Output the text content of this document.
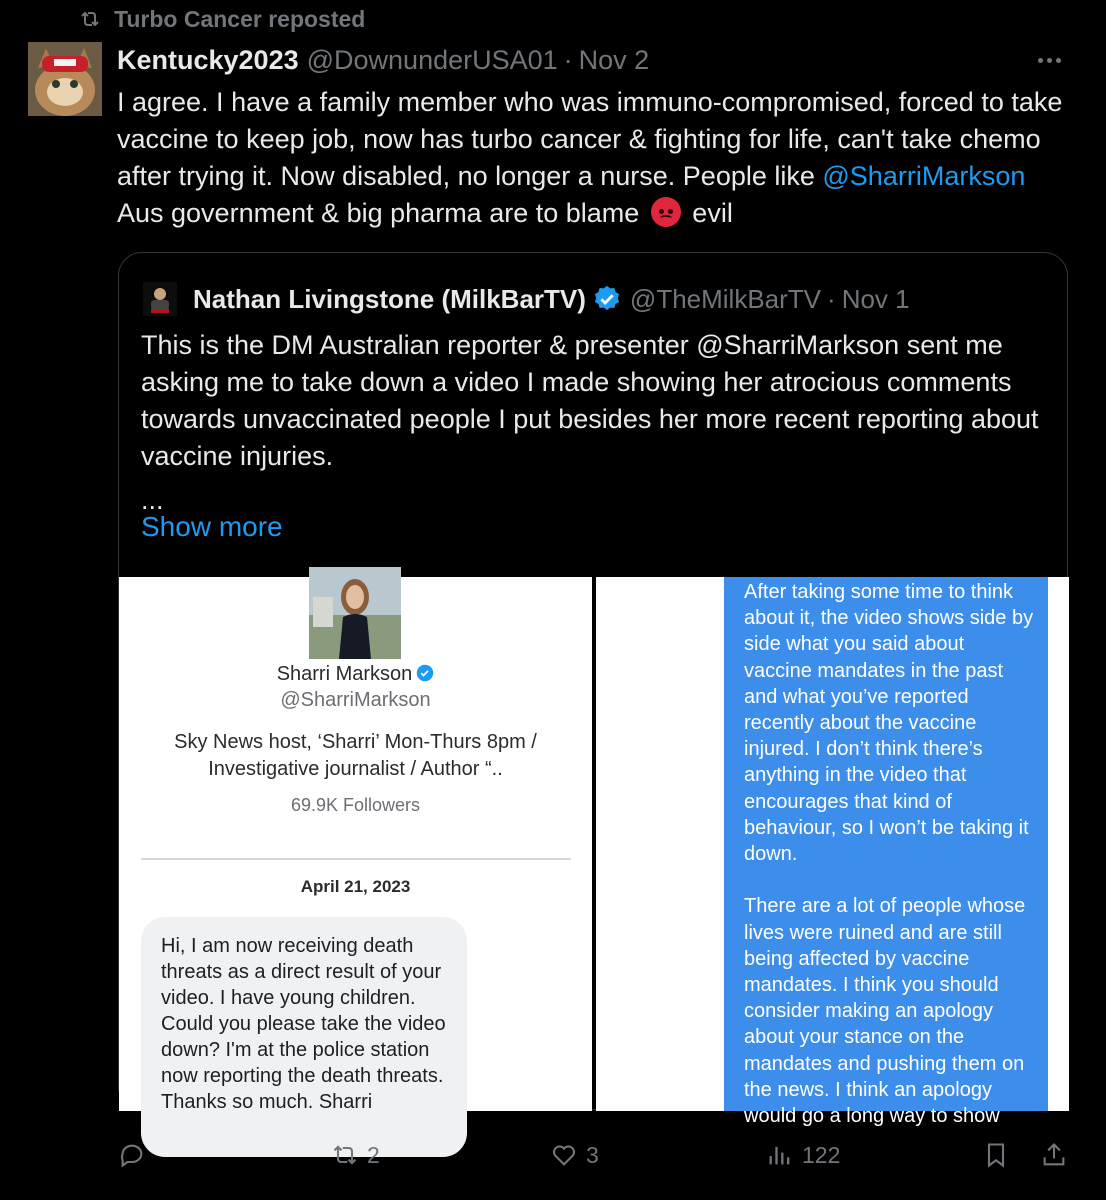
Turbo Cancer reposted
Kentucky2023 @DownunderUSA01 · Nov 2
I agree. I have a family member who was immuno-compromised, forced to take vaccine to keep job, now has turbo cancer & fighting for life, can't take chemo after trying it. Now disabled, no longer a nurse. People like @SharriMarkson Aus government & big pharma are to blame
evil
Nathan Livingstone (MilkBarTV) @TheMilkBarTV · Nov 1
This is the DM Australian reporter & presenter @SharriMarkson sent me asking me to take down a video I made showing her atrocious comments towards unvaccinated people I put besides her more recent reporting about vaccine injuries.
...
Show more
Sharri Markson
@SharriMarkson
Sky News host, ‘Sharri’ Mon-Thurs 8pm / Investigative journalist / Author “..
69.9K Followers
April 21, 2023
Hi, I am now receiving death threats as a direct result of your video. I have young children. Could you please take the video down? I'm at the police station now reporting the death threats. Thanks so much. Sharri
After taking some time to think about it, the video shows side by side what you said about vaccine mandates in the past and what you’ve reported recently about the vaccine injured. I don’t think there’s anything in the video that encourages that kind of behaviour, so I won’t be taking it down.

There are a lot of people whose lives were ruined and are still being affected by vaccine mandates. I think you should consider making an apology about your stance on the mandates and pushing them on the news. I think an apology would go a long way to show
2	3	122
